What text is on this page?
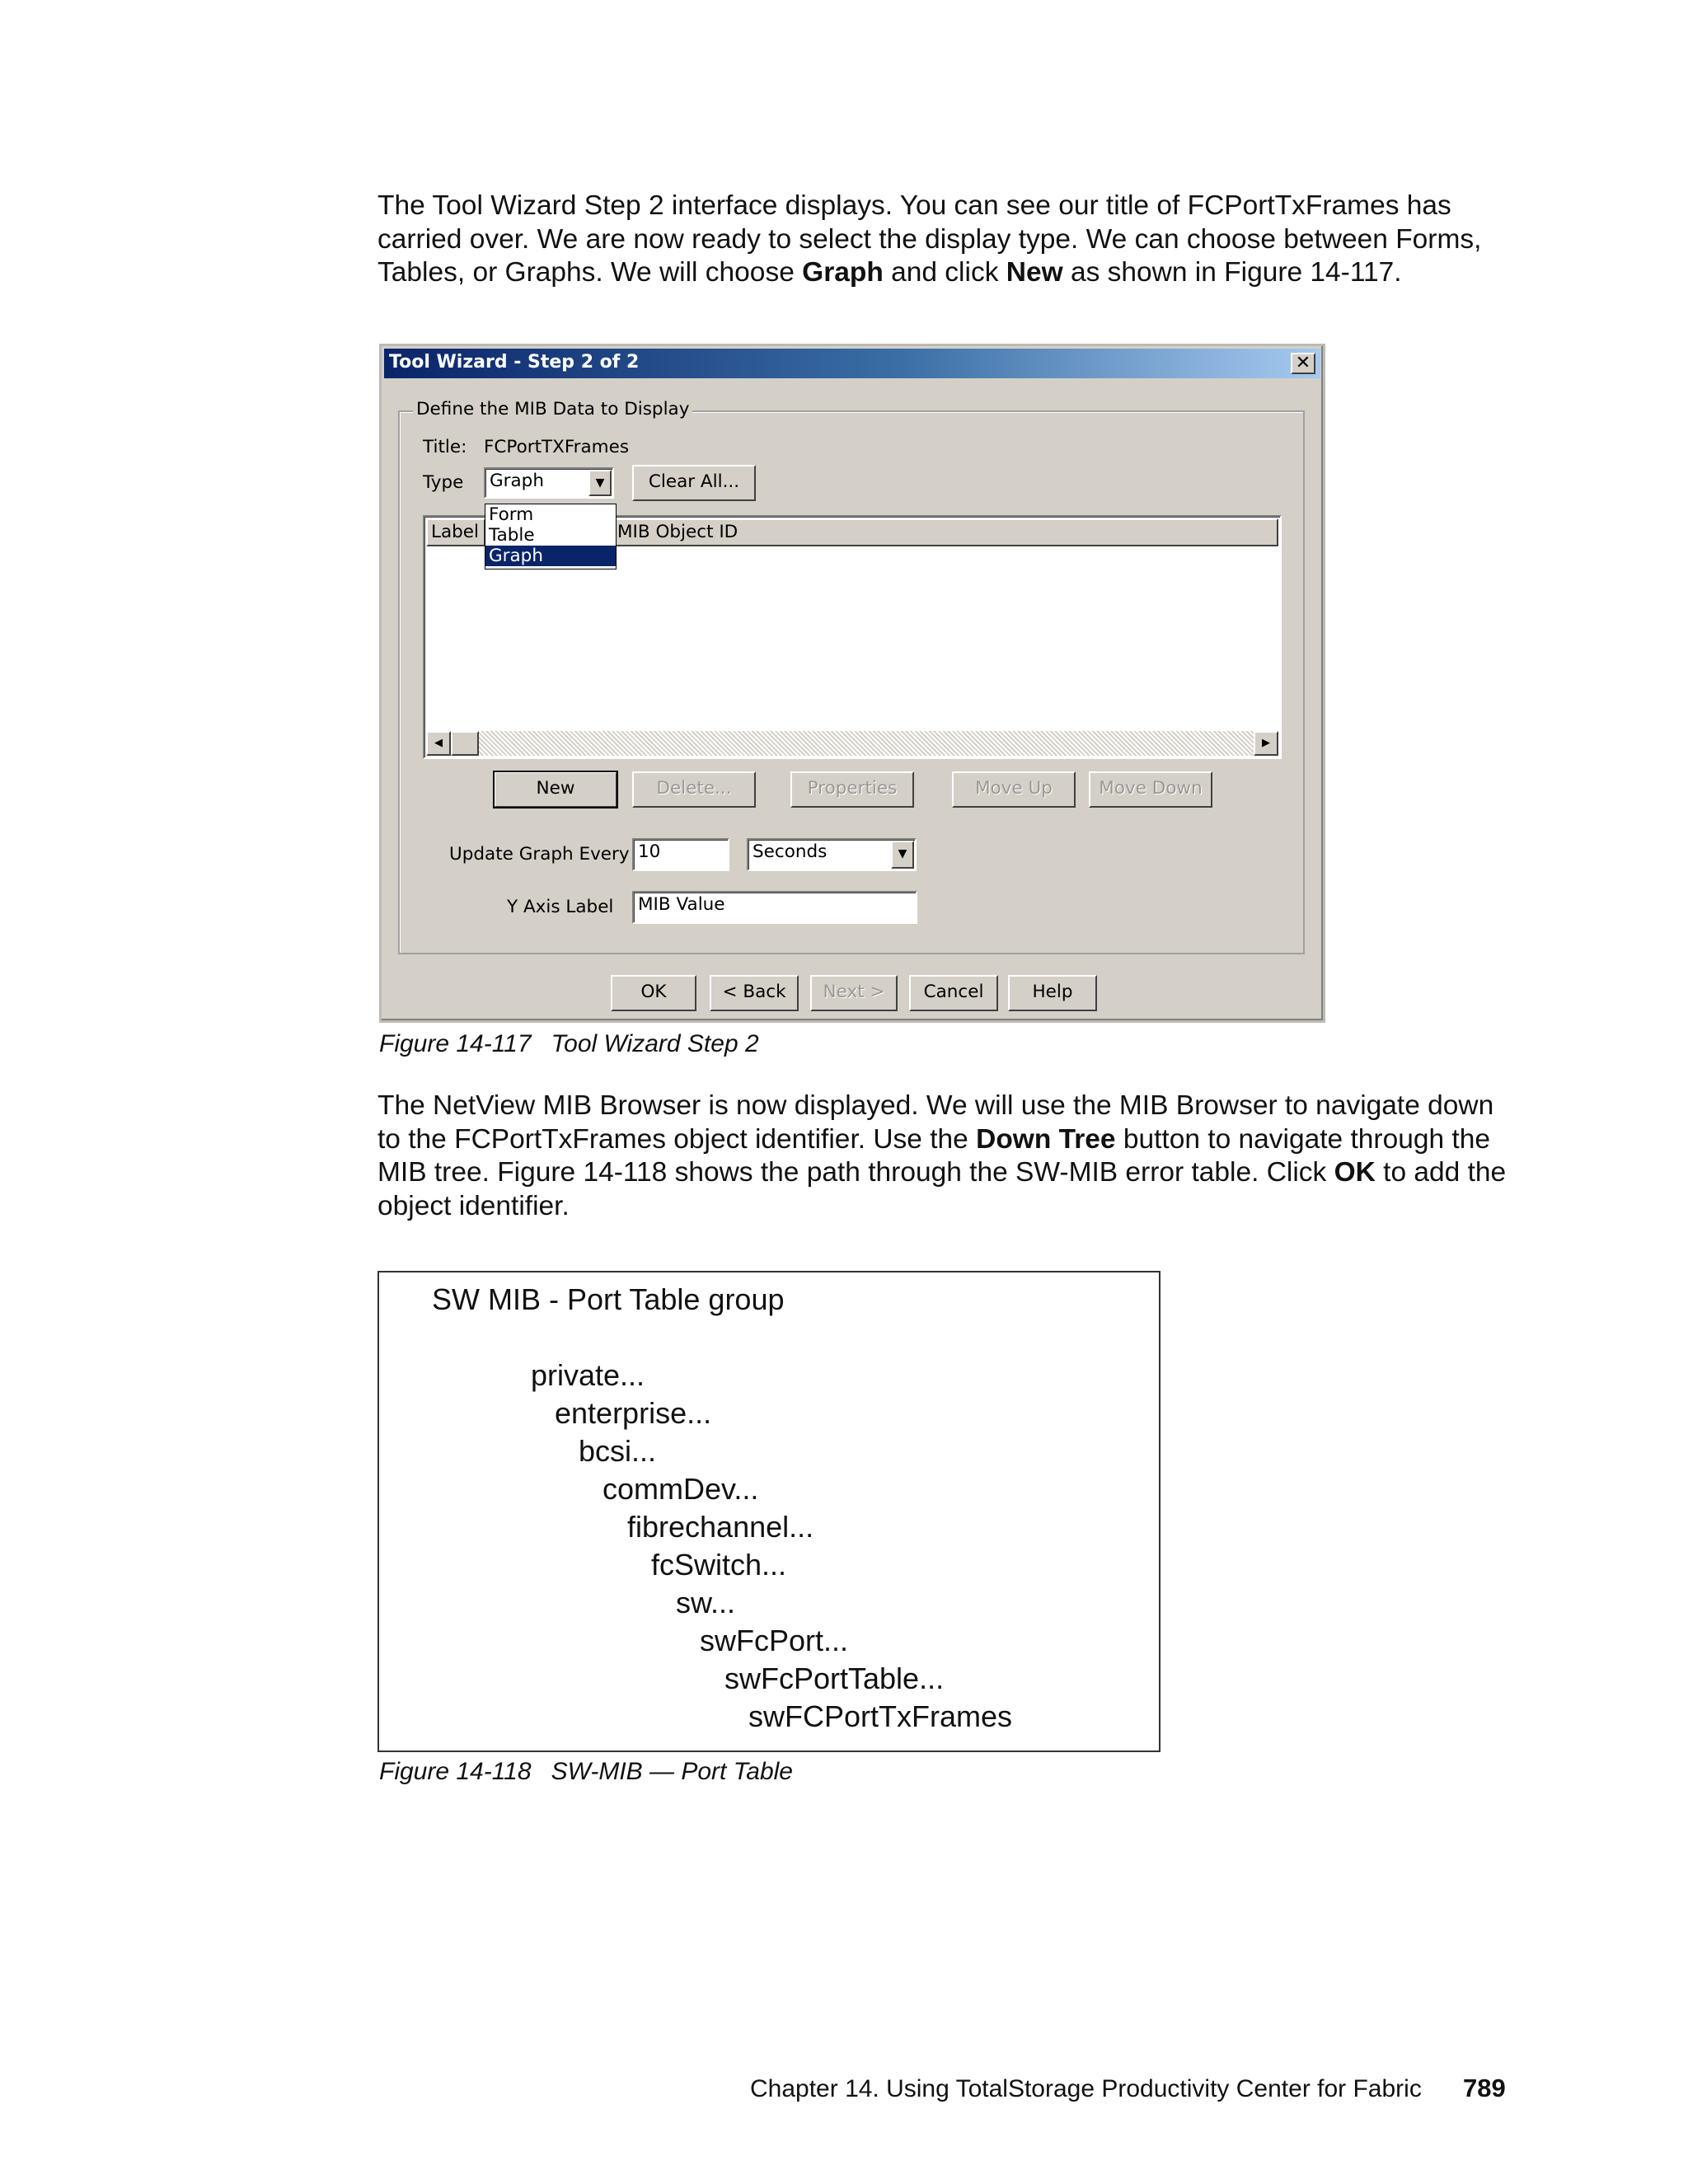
The Tool Wizard Step 2 interface displays. You can see our title of FCPortTxFrames has carried over. We are now ready to select the display type. We can choose between Forms, Tables, or Graphs. We will choose Graph and click New as shown in Figure 14-117.

Tool Wizard - Step 2 of 2	✕
Define the MIB Data to Display
Title: FCPortTXFrames
Type	Graph	▼	Clear All...
Label	MIB Object ID
◀	▶
Form
Table
Graph
New	Delete...	Properties	Move Up	Move Down
Update Graph Every 10	Seconds	▼
Y Axis Label	MIB Value
OK	< Back	Next >	Cancel	Help
Figure 14-117 Tool Wizard Step 2

The NetView MIB Browser is now displayed. We will use the MIB Browser to navigate down to the FCPortTxFrames object identifier. Use the Down Tree button to navigate through the MIB tree. Figure 14-118 shows the path through the SW-MIB error table. Click OK to add the object identifier.

SW MIB - Port Table group
private...
enterprise...
bcsi...
commDev...
fibrechannel...
fcSwitch...
sw...
swFcPort...
swFcPortTable...
swFCPortTxFrames
Figure 14-118 SW-MIB — Port Table
Chapter 14. Using TotalStorage Productivity Center for Fabric 789
